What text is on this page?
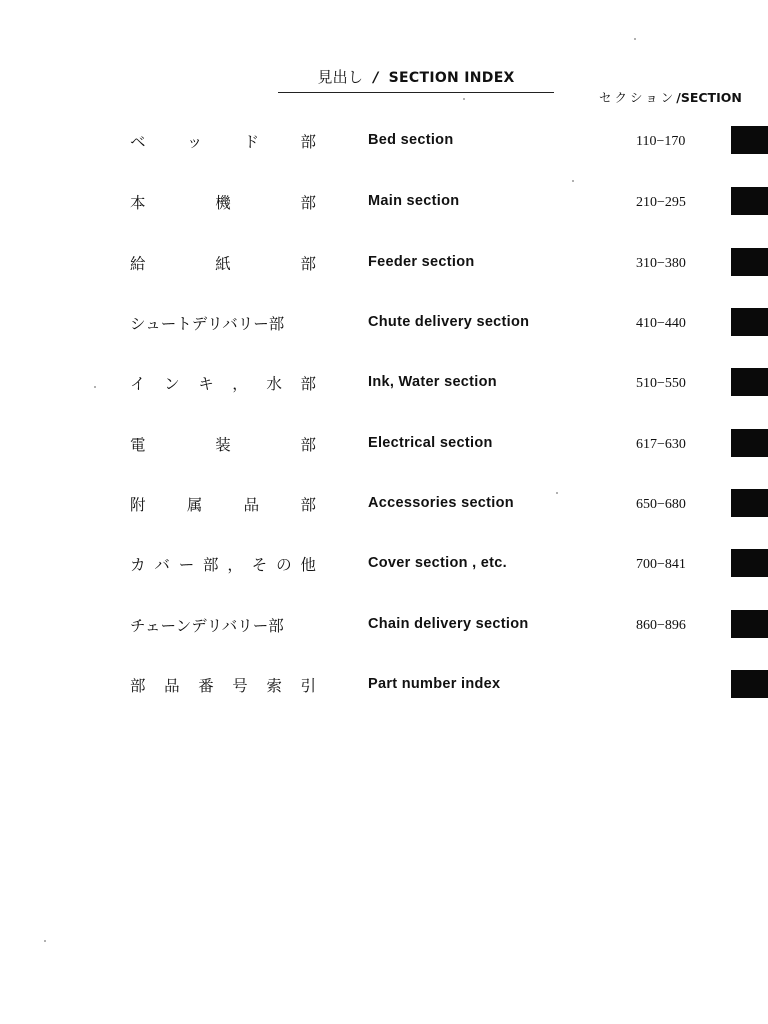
見出し / SECTION INDEX
セクション/SECTION
ベ	ッ	ド	部	Bed section	110−170
本	機	部	Main section	210−295
給	紙	部	Feeder section	310−380
シュートデリバリー部	Chute delivery section	410−440
イ ン キ ， 水 部	Ink, Water section	510−550
電	装	部	Electrical section	617−630
附	属	品	部	Accessories section	650−680
カ バ ー 部 ， そ の 他	Cover section , etc.	700−841
チェーンデリバリー部	Chain delivery section	860−896
部 品 番 号 索 引	Part number index
